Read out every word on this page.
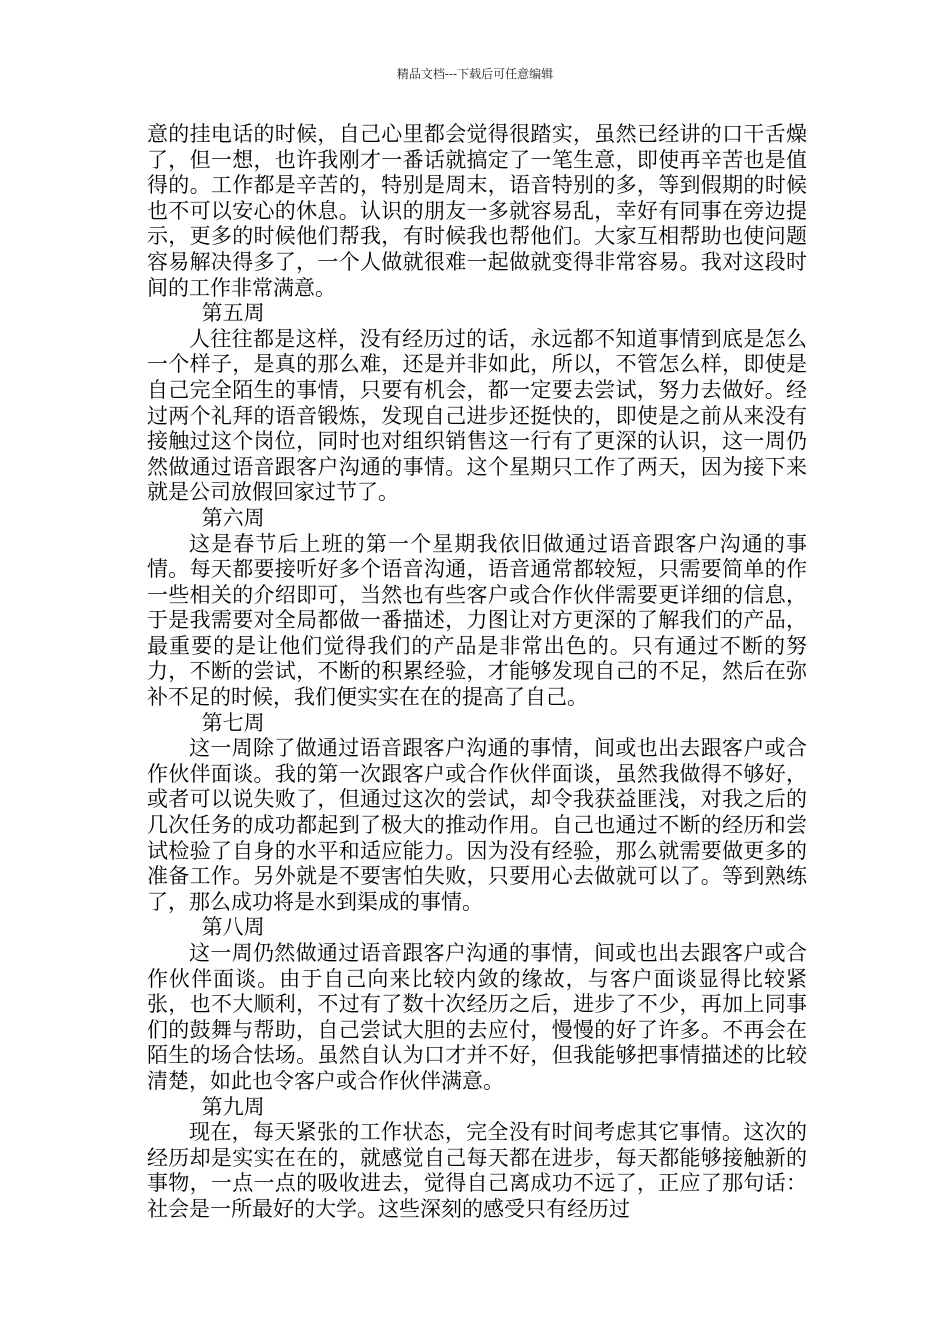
精品文档---下载后可任意编辑

意的挂电话的时候，自己心里都会觉得很踏实，虽然已经讲的口干舌燥了，但一想，也许我刚才一番话就搞定了一笔生意，即使再辛苦也是值得的。工作都是辛苦的，特别是周末，语音特别的多，等到假期的时候也不可以安心的休息。认识的朋友一多就容易乱，幸好有同事在旁边提示，更多的时候他们帮我，有时候我也帮他们。大家互相帮助也使问题容易解决得多了，一个人做就很难一起做就变得非常容易。我对这段时间的工作非常满意。

第五周

人往往都是这样，没有经历过的话，永远都不知道事情到底是怎么一个样子，是真的那么难，还是并非如此，所以，不管怎么样，即使是自己完全陌生的事情，只要有机会，都一定要去尝试，努力去做好。经过两个礼拜的语音锻炼，发现自己进步还挺快的，即使是之前从来没有接触过这个岗位，同时也对组织销售这一行有了更深的认识，这一周仍然做通过语音跟客户沟通的事情。这个星期只工作了两天，因为接下来就是公司放假回家过节了。

第六周

这是春节后上班的第一个星期我依旧做通过语音跟客户沟通的事情。每天都要接听好多个语音沟通，语音通常都较短，只需要简单的作一些相关的介绍即可，当然也有些客户或合作伙伴需要更详细的信息，于是我需要对全局都做一番描述，力图让对方更深的了解我们的产品，最重要的是让他们觉得我们的产品是非常出色的。只有通过不断的努力，不断的尝试，不断的积累经验，才能够发现自己的不足，然后在弥补不足的时候，我们便实实在在的提高了自己。

第七周

这一周除了做通过语音跟客户沟通的事情，间或也出去跟客户或合作伙伴面谈。我的第一次跟客户或合作伙伴面谈，虽然我做得不够好，或者可以说失败了，但通过这次的尝试，却令我获益匪浅，对我之后的几次任务的成功都起到了极大的推动作用。自己也通过不断的经历和尝试检验了自身的水平和适应能力。因为没有经验，那么就需要做更多的准备工作。另外就是不要害怕失败，只要用心去做就可以了。等到熟练了，那么成功将是水到渠成的事情。

第八周

这一周仍然做通过语音跟客户沟通的事情，间或也出去跟客户或合作伙伴面谈。由于自己向来比较内敛的缘故，与客户面谈显得比较紧张，也不大顺利，不过有了数十次经历之后，进步了不少，再加上同事们的鼓舞与帮助，自己尝试大胆的去应付，慢慢的好了许多。不再会在陌生的场合怯场。虽然自认为口才并不好，但我能够把事情描述的比较清楚，如此也令客户或合作伙伴满意。

第九周

现在，每天紧张的工作状态，完全没有时间考虑其它事情。这次的经历却是实实在在的，就感觉自己每天都在进步，每天都能够接触新的事物，一点一点的吸收进去，觉得自己离成功不远了，正应了那句话：社会是一所最好的大学。这些深刻的感受只有经历过
